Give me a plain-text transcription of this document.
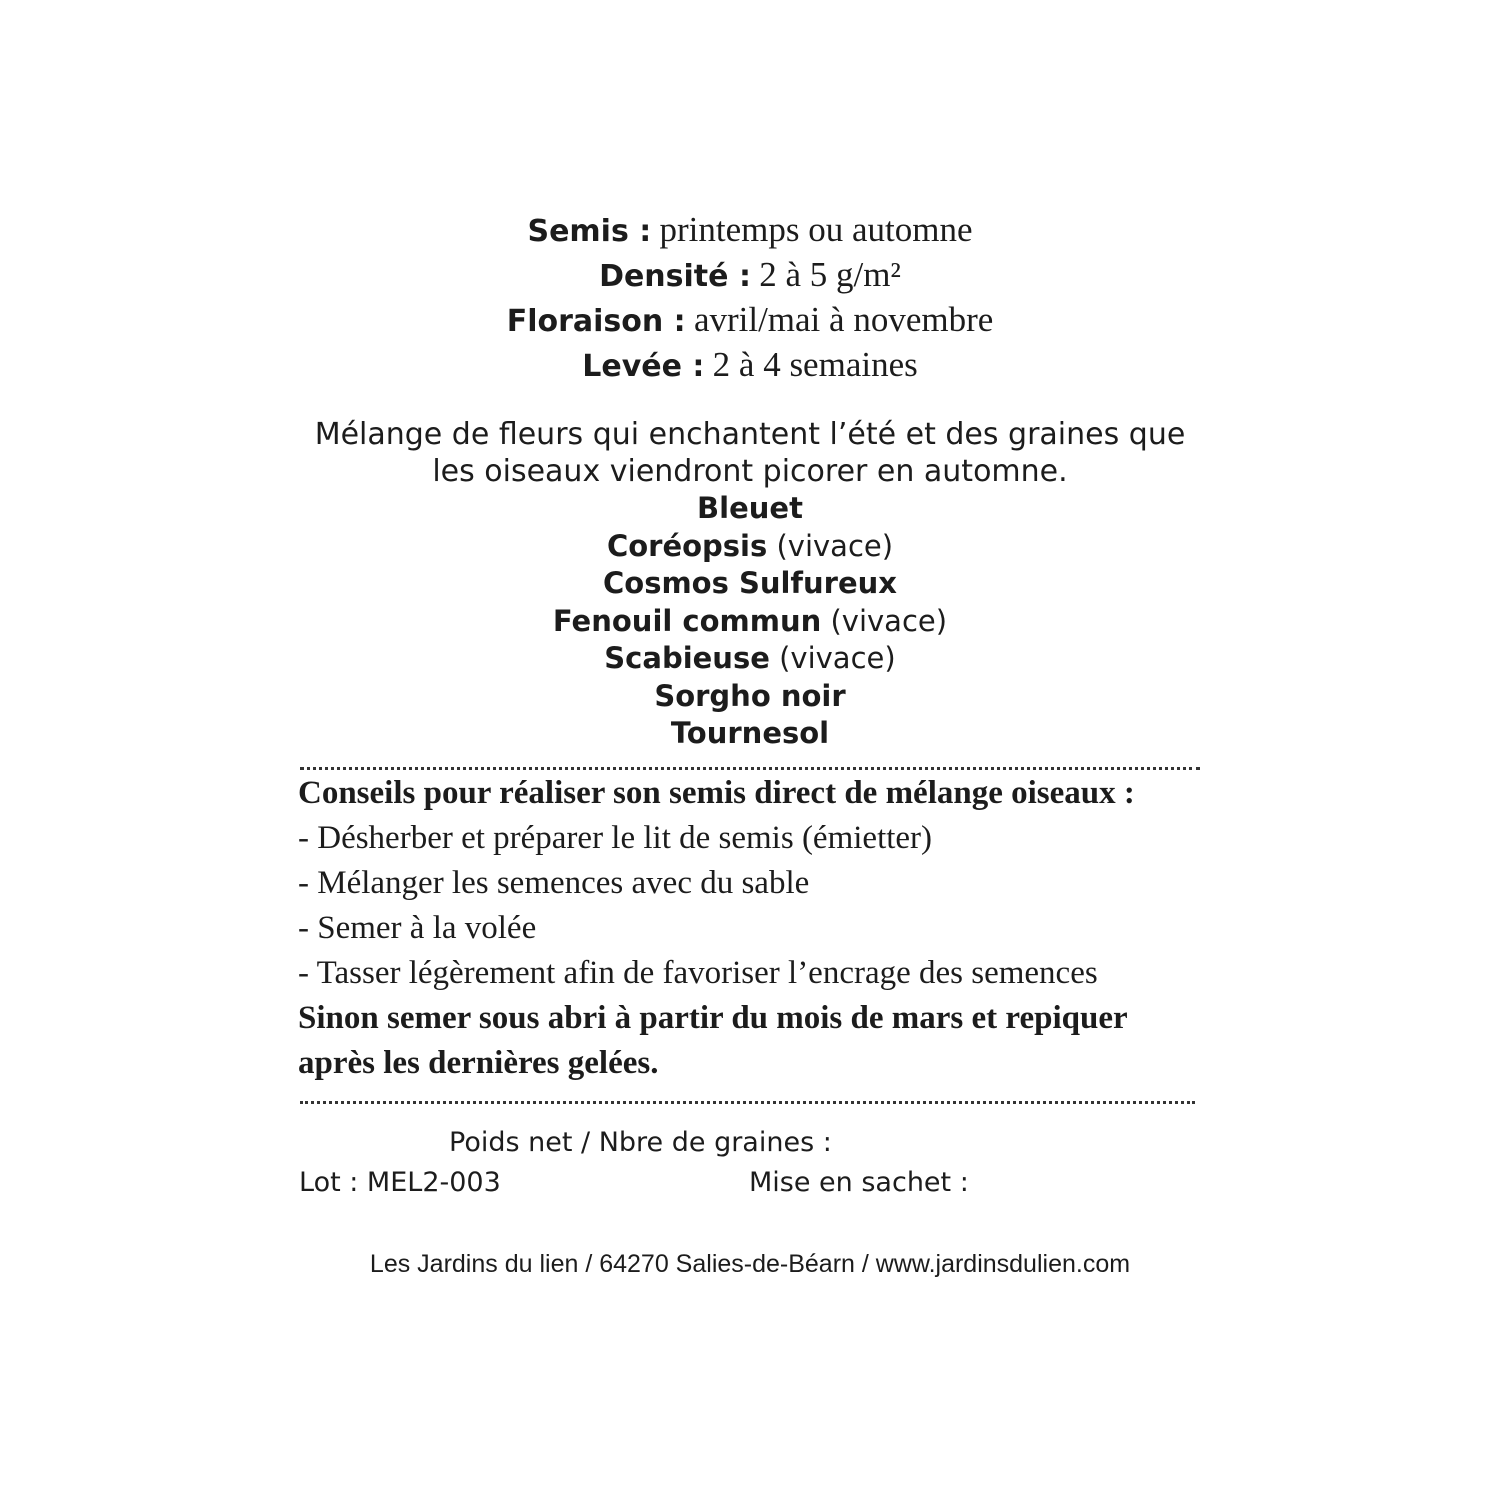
Semis : printemps ou automne
Densité : 2 à 5 g/m²
Floraison : avril/mai à novembre
Levée : 2 à 4 semaines
Mélange de fleurs qui enchantent l’été et des graines que
les oiseaux viendront picorer en automne.
Bleuet
Coréopsis (vivace)
Cosmos Sulfureux
Fenouil commun (vivace)
Scabieuse (vivace)
Sorgho noir
Tournesol
Conseils pour réaliser son semis direct de mélange oiseaux :
- Désherber et préparer le lit de semis (émietter)
- Mélanger les semences avec du sable
- Semer à la volée
- Tasser légèrement afin de favoriser l’encrage des semences
Sinon semer sous abri à partir du mois de mars et repiquer
après les dernières gelées.
Poids net / Nbre de graines :
Lot : MEL2-003	Mise en sachet :
Les Jardins du lien / 64270 Salies-de-Béarn / www.jardinsdulien.com
